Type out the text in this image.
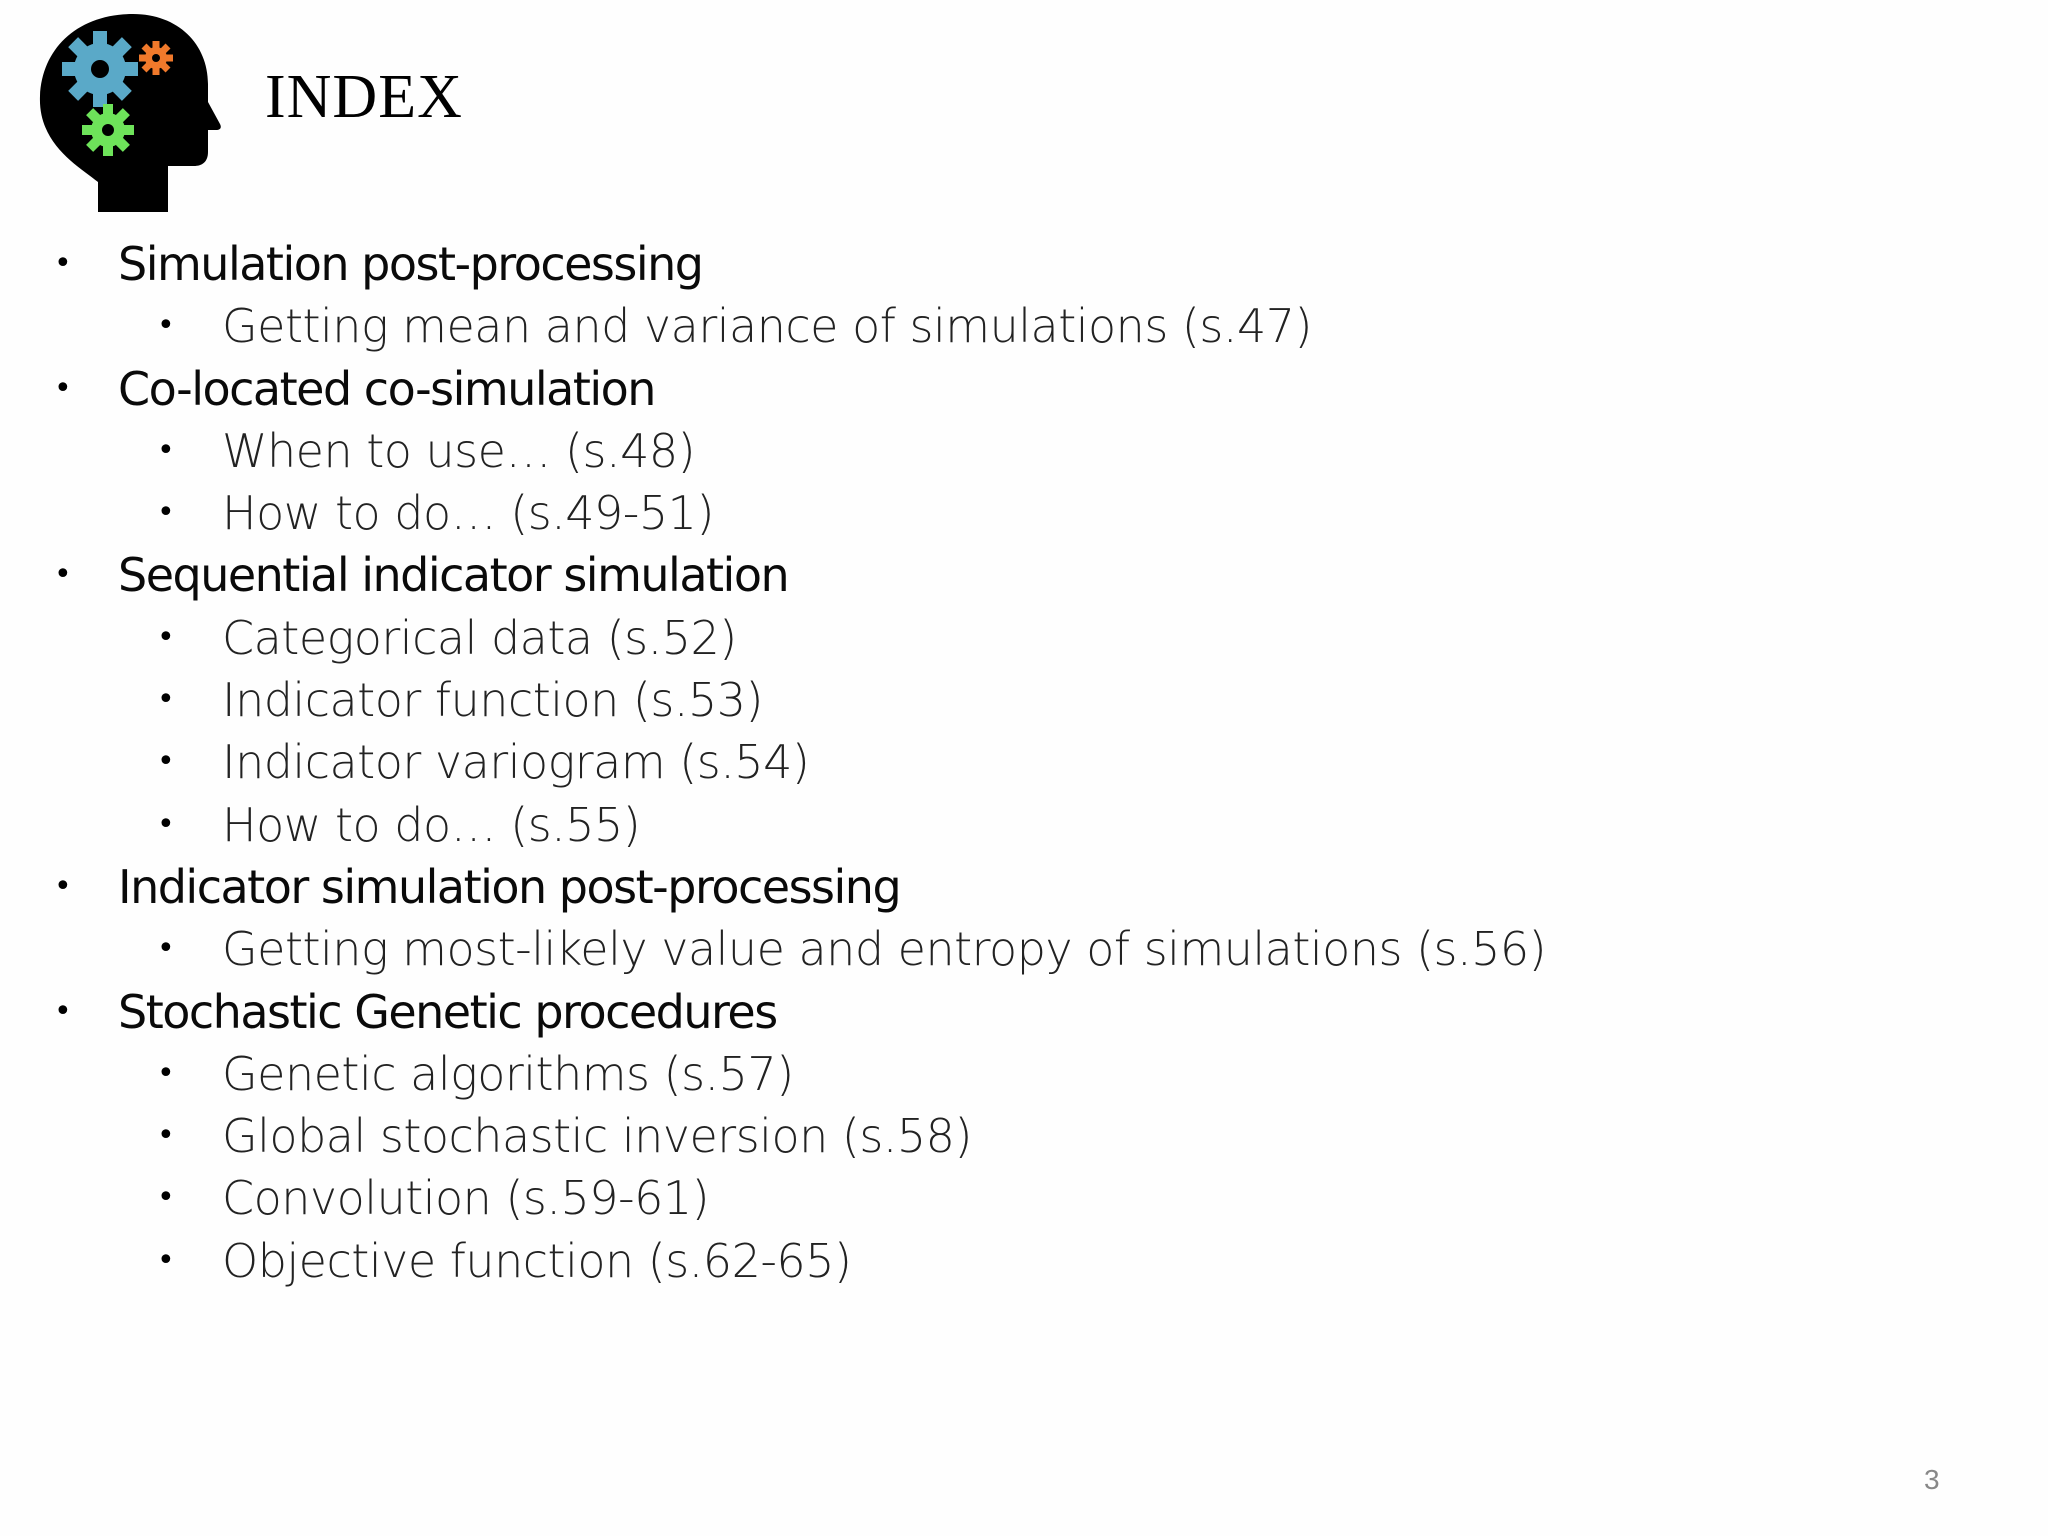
INDEX
• Simulation post-processing
• Getting mean and variance of simulations (s.47)
• Co-located co-simulation
• When to use… (s.48)
• How to do… (s.49-51)
• Sequential indicator simulation
• Categorical data (s.52)
• Indicator function (s.53)
• Indicator variogram (s.54)
• How to do… (s.55)
• Indicator simulation post-processing
• Getting most-likely value and entropy of simulations (s.56)
• Stochastic Genetic procedures
• Genetic algorithms (s.57)
• Global stochastic inversion (s.58)
• Convolution (s.59-61)
• Objective function (s.62-65)
3
